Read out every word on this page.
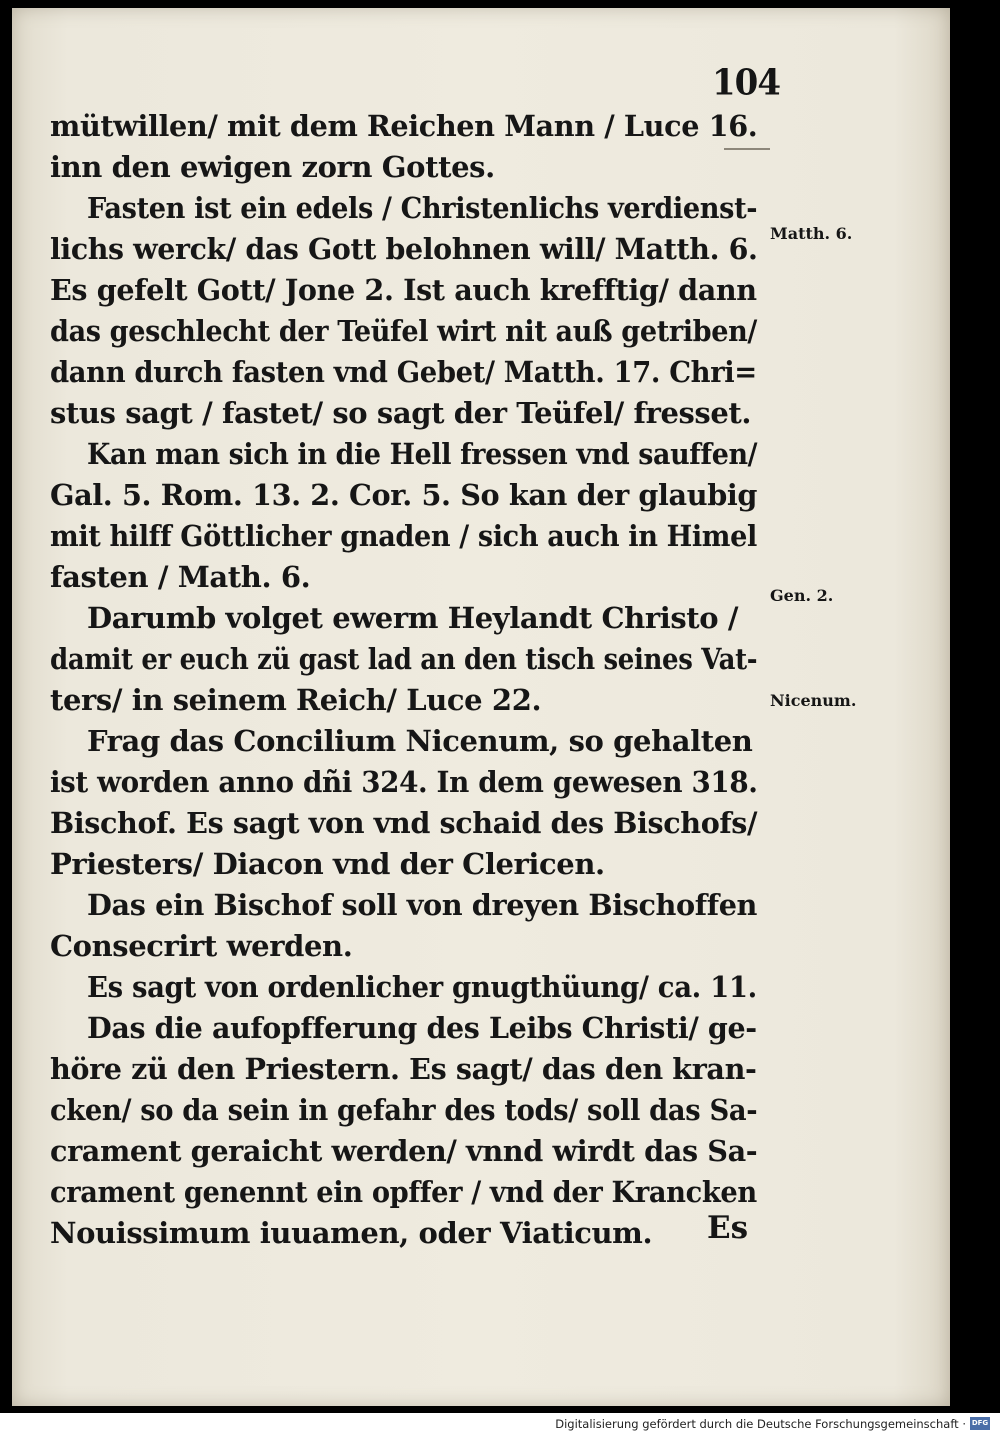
104
mütwillen/ mit dem Reichen Mann / Luce 16.
inn den ewigen zorn Gottes.
Fasten ist ein edels / Christenlichs verdienst-
lichs werck/ das Gott belohnen will/ Matth. 6.
Es gefelt Gott/ Jone 2. Ist auch krefftig/ dann
das geschlecht der Teüfel wirt nit auß getriben/
dann durch fasten vnd Gebet/ Matth. 17. Chri=
stus sagt / fastet/ so sagt der Teüfel/ fresset.
Kan man sich in die Hell fressen vnd sauffen/
Gal. 5. Rom. 13. 2. Cor. 5. So kan der glaubig
mit hilff Göttlicher gnaden / sich auch in Himel
fasten / Math. 6.
Darumb volget ewerm Heylandt Christo /
damit er euch zü gast lad an den tisch seines Vat-
ters/ in seinem Reich/ Luce 22.
Frag das Concilium Nicenum, so gehalten
ist worden anno dñi 324. In dem gewesen 318.
Bischof. Es sagt von vnd schaid des Bischofs/
Priesters/ Diacon vnd der Clericen.
Das ein Bischof soll von dreyen Bischoffen
Consecrirt werden.
Es sagt von ordenlicher gnugthüung/ ca. 11.
Das die aufopfferung des Leibs Christi/ ge-
höre zü den Priestern. Es sagt/ das den kran-
cken/ so da sein in gefahr des tods/ soll das Sa-
crament geraicht werden/ vnnd wirdt das Sa-
crament genennt ein opffer / vnd der Krancken
Nouissimum iuuamen, oder Viaticum.
Matth. 6.
Gen. 2.
Nicenum.
Es
Digitalisierung gefördert durch die Deutsche Forschungsgemeinschaft · DFG
